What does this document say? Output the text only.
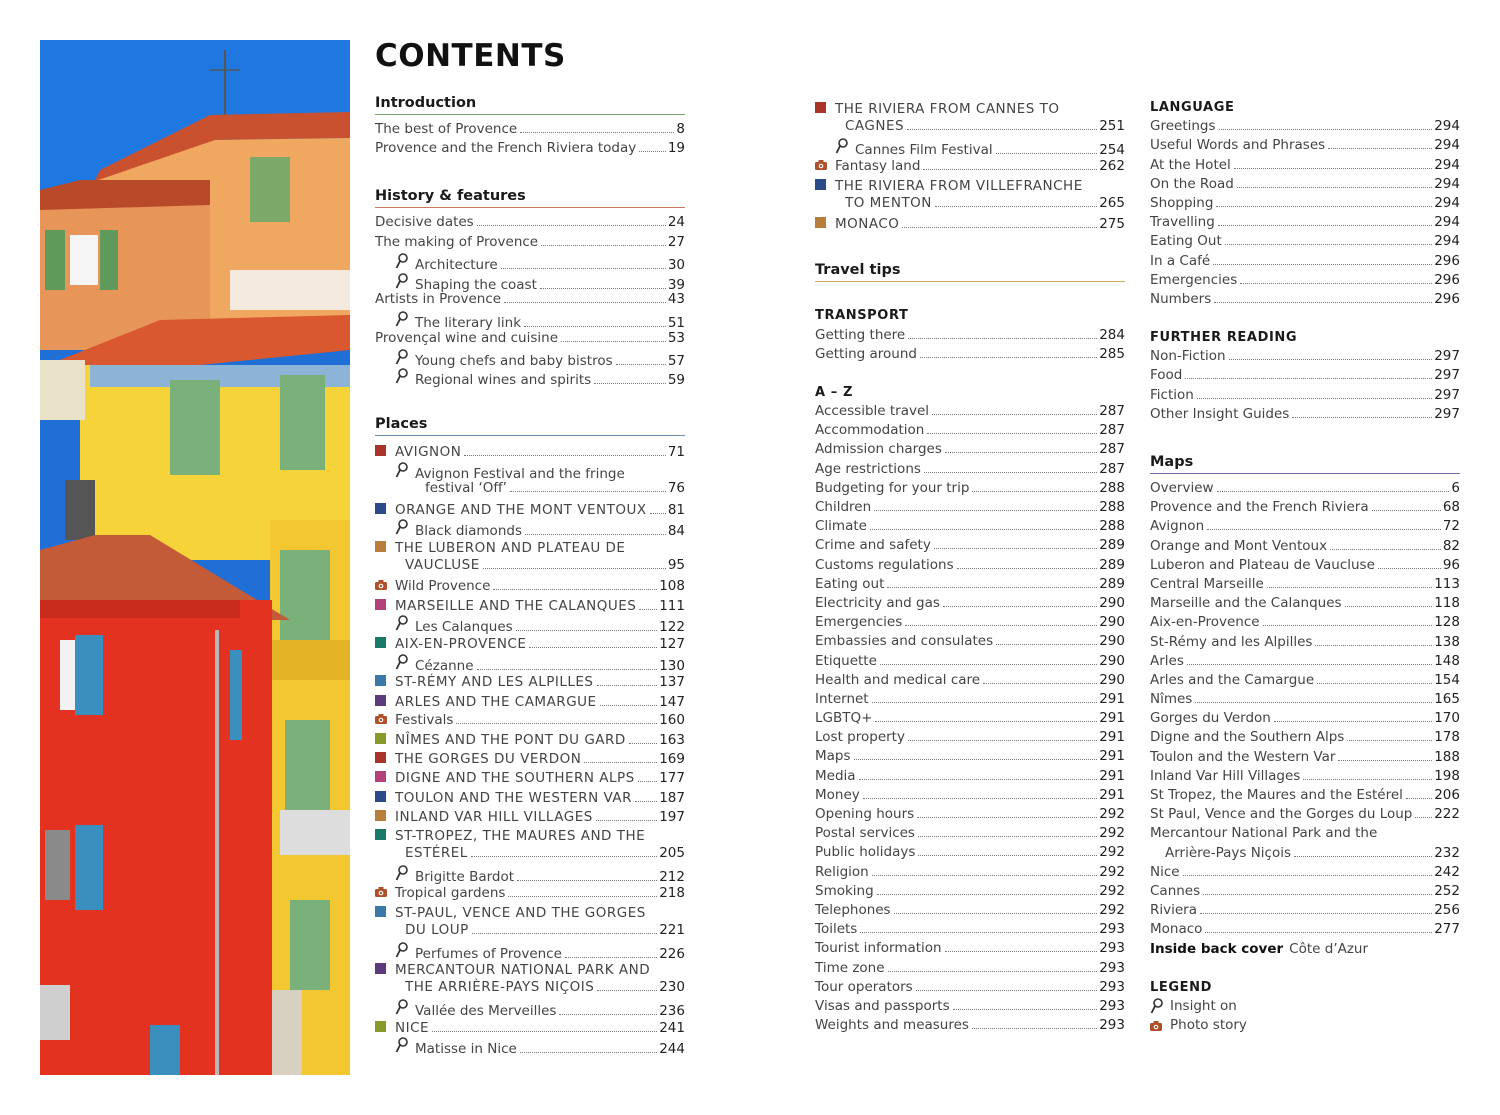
CONTENTS
Introduction
The best of Provence	8
Provence and the French Riviera today 19
History & features
Decisive dates	24
The making of Provence	27
Architecture	30
Shaping the coast	39
Artists in Provence	43
The literary link	51
Provençal wine and cuisine	53
Young chefs and baby bistros	57
Regional wines and spirits	59
Places
AVIGNON	71
Avignon Festival and the fringe
festival ‘Off’	76
ORANGE AND THE MONT VENTOUX 81
Black diamonds	84
THE LUBERON AND PLATEAU DE
VAUCLUSE	95
Wild Provence	108
MARSEILLE AND THE CALANQUES 111
Les Calanques	122
AIX-EN-PROVENCE	127
Cézanne	130
ST-RÉMY AND LES ALPILLES	137
ARLES AND THE CAMARGUE	147
Festivals	160
NÎMES AND THE PONT DU GARD 163
THE GORGES DU VERDON	169
DIGNE AND THE SOUTHERN ALPS 177
TOULON AND THE WESTERN VAR 187
INLAND VAR HILL VILLAGES	197
ST-TROPEZ, THE MAURES AND THE
ESTÉREL	205
Brigitte Bardot	212
Tropical gardens	218
ST-PAUL, VENCE AND THE GORGES
DU LOUP	221
Perfumes of Provence	226
MERCANTOUR NATIONAL PARK AND
THE ARRIÈRE-PAYS NIÇOIS	230
Vallée des Merveilles	236
NICE	241
Matisse in Nice	244
THE RIVIERA FROM CANNES TO
CAGNES	251
Cannes Film Festival	254
Fantasy land	262
THE RIVIERA FROM VILLEFRANCHE
TO MENTON	265
MONACO	275
Travel tips
TRANSPORT
Getting there	284
Getting around	285
A – Z
Accessible travel	287
Accommodation	287
Admission charges	287
Age restrictions	287
Budgeting for your trip	288
Children	288
Climate	288
Crime and safety	289
Customs regulations	289
Eating out	289
Electricity and gas	290
Emergencies	290
Embassies and consulates	290
Etiquette	290
Health and medical care	290
Internet	291
LGBTQ+	291
Lost property	291
Maps	291
Media	291
Money	291
Opening hours	292
Postal services	292
Public holidays	292
Religion	292
Smoking	292
Telephones	292
Toilets	293
Tourist information	293
Time zone	293
Tour operators	293
Visas and passports	293
Weights and measures	293
LANGUAGE
Greetings	294
Useful Words and Phrases	294
At the Hotel	294
On the Road	294
Shopping	294
Travelling	294
Eating Out	294
In a Café	296
Emergencies	296
Numbers	296
FURTHER READING
Non-Fiction	297
Food	297
Fiction	297
Other Insight Guides	297
Maps
Overview	6
Provence and the French Riviera	68
Avignon	72
Orange and Mont Ventoux	82
Luberon and Plateau de Vaucluse	96
Central Marseille	113
Marseille and the Calanques	118
Aix-en-Provence	128
St-Rémy and les Alpilles	138
Arles	148
Arles and the Camargue	154
Nîmes	165
Gorges du Verdon	170
Digne and the Southern Alps	178
Toulon and the Western Var	188
Inland Var Hill Villages	198
St Tropez, the Maures and the Estérel 206
St Paul, Vence and the Gorges du Loup 222
Mercantour National Park and the
Arrière-Pays Niçois	232
Nice	242
Cannes	252
Riviera	256
Monaco	277
Inside back cover Côte d’Azur
LEGEND
Insight on
Photo story
